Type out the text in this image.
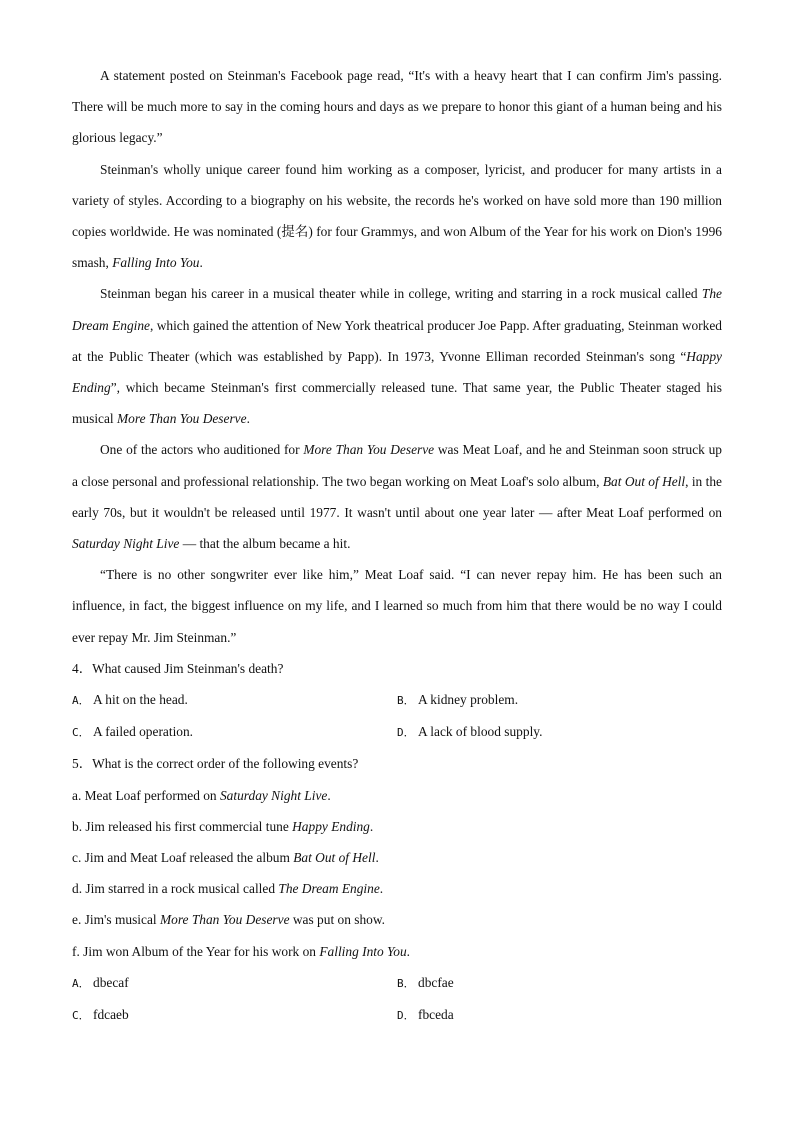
A statement posted on Steinman's Facebook page read, “It's with a heavy heart that I can confirm Jim's passing. There will be much more to say in the coming hours and days as we prepare to honor this giant of a human being and his glorious legacy.”

Steinman's wholly unique career found him working as a composer, lyricist, and producer for many artists in a variety of styles. According to a biography on his website, the records he's worked on have sold more than 190 million copies worldwide. He was nominated (提名) for four Grammys, and won Album of the Year for his work on Dion's 1996 smash, Falling Into You.

Steinman began his career in a musical theater while in college, writing and starring in a rock musical called The Dream Engine, which gained the attention of New York theatrical producer Joe Papp. After graduating, Steinman worked at the Public Theater (which was established by Papp). In 1973, Yvonne Elliman recorded Steinman's song “Happy Ending”, which became Steinman's first commercially released tune. That same year, the Public Theater staged his musical More Than You Deserve.

One of the actors who auditioned for More Than You Deserve was Meat Loaf, and he and Steinman soon struck up a close personal and professional relationship. The two began working on Meat Loaf's solo album, Bat Out of Hell, in the early 70s, but it wouldn't be released until 1977. It wasn't until about one year later — after Meat Loaf performed on Saturday Night Live — that the album became a hit.

“There is no other songwriter ever like him,” Meat Loaf said. “I can never repay him. He has been such an influence, in fact, the biggest influence on my life, and I learned so much from him that there would be no way I could ever repay Mr. Jim Steinman.”

4．What caused Jim Steinman's death?

A． A hit on the head.	B． A kidney problem.
C． A failed operation.	D． A lack of blood supply.

5．What is the correct order of the following events?

a. Meat Loaf performed on Saturday Night Live.

b. Jim released his first commercial tune Happy Ending.

c. Jim and Meat Loaf released the album Bat Out of Hell.

d. Jim starred in a rock musical called The Dream Engine.

e. Jim's musical More Than You Deserve was put on show.

f. Jim won Album of the Year for his work on Falling Into You.

A． dbecaf	B． dbcfae
C． fdcaeb	D． fbceda
